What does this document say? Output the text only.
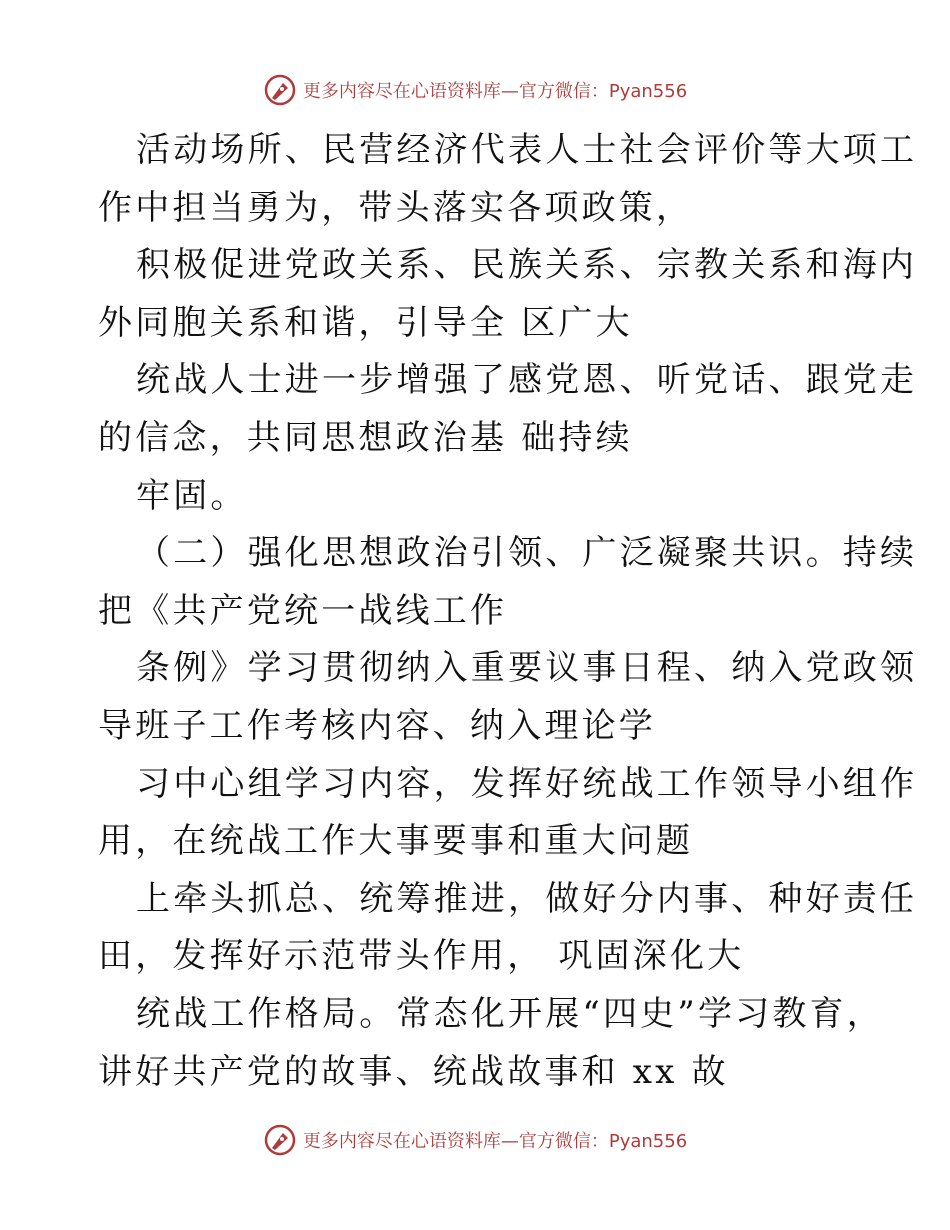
更多内容尽在心语资料库—官方微信：Pyan556
活动场所、民营经济代表人士社会评价等大项工
作中担当勇为，带头落实各项政策，
积极促进党政关系、民族关系、宗教关系和海内
外同胞关系和谐，引导全 区广大
统战人士进一步增强了感党恩、听党话、跟党走
的信念，共同思想政治基 础持续
牢固。
（二）强化思想政治引领、广泛凝聚共识。持续
把《共产党统一战线工作
条例》学习贯彻纳入重要议事日程、纳入党政领
导班子工作考核内容、纳入理论学
习中心组学习内容，发挥好统战工作领导小组作
用，在统战工作大事要事和重大问题
上牵头抓总、统筹推进，做好分内事、种好责任
田，发挥好示范带头作用， 巩固深化大
统战工作格局。常态化开展“四史”学习教育，
讲好共产党的故事、统战故事和 xx 故
更多内容尽在心语资料库—官方微信：Pyan556
